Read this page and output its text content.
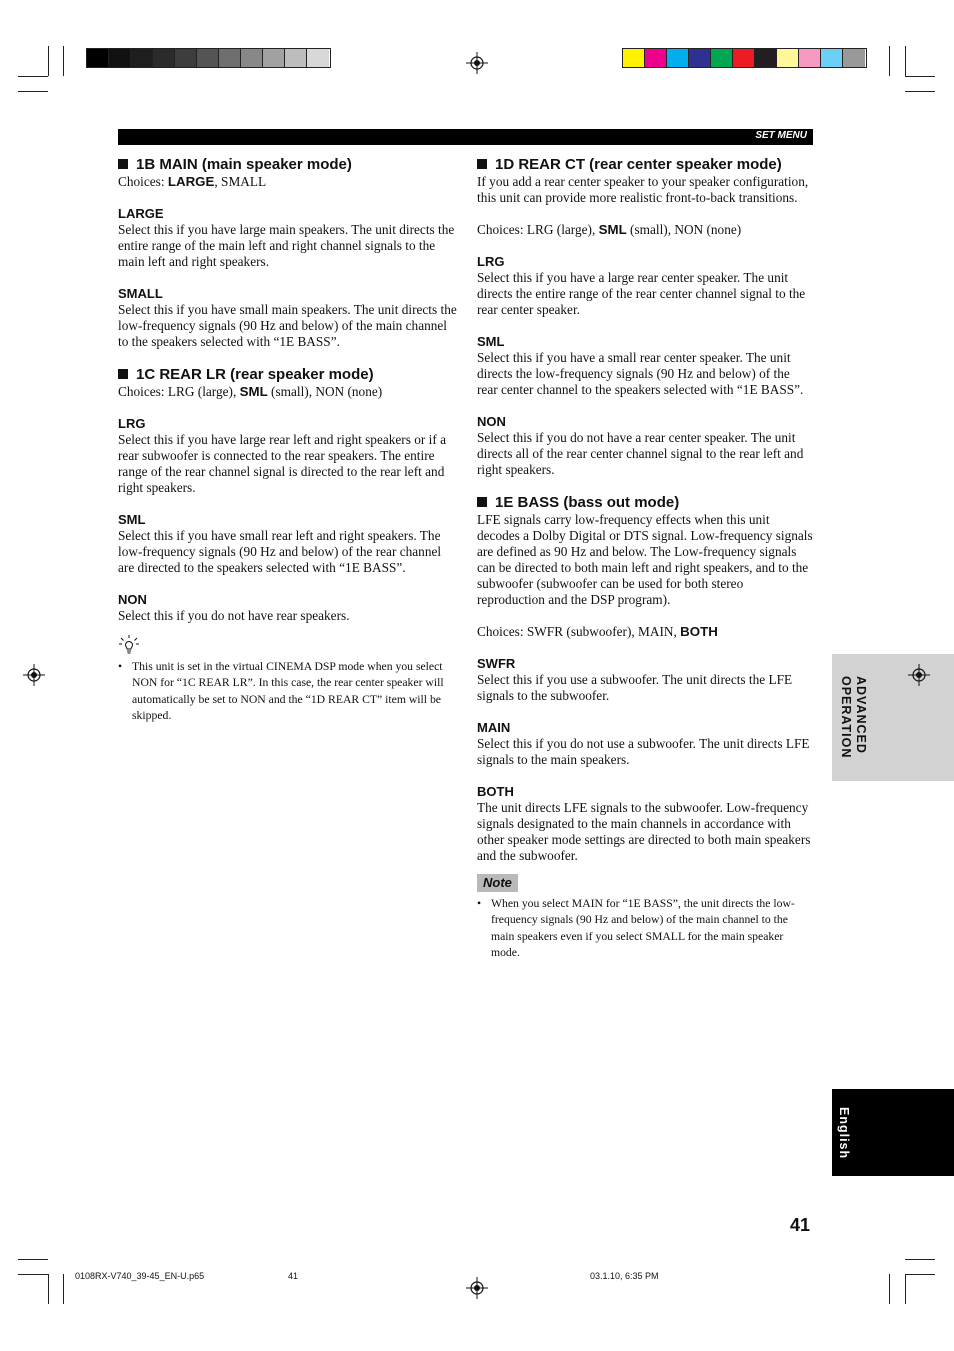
SET MENU
1B MAIN (main speaker mode)

Choices: LARGE, SMALL

LARGE

Select this if you have large main speakers. The unit directs the entire range of the main left and right channel signals to the main left and right speakers.

SMALL

Select this if you have small main speakers. The unit directs the low-frequency signals (90 Hz and below) of the main channel to the speakers selected with “1E BASS”.

1C REAR LR (rear speaker mode)

Choices: LRG (large), SML (small), NON (none)

LRG

Select this if you have large rear left and right speakers or if a rear subwoofer is connected to the rear speakers. The entire range of the rear channel signal is directed to the rear left and right speakers.

SML

Select this if you have small rear left and right speakers. The low-frequency signals (90 Hz and below) of the rear channel are directed to the speakers selected with “1E BASS”.

NON

Select this if you do not have rear speakers.

• This unit is set in the virtual CINEMA DSP mode when you select NON for “1C REAR LR”. In this case, the rear center speaker will automatically be set to NON and the “1D REAR CT” item will be skipped.
1D REAR CT (rear center speaker mode)

If you add a rear center speaker to your speaker configuration, this unit can provide more realistic front-to-back transitions.

Choices: LRG (large), SML (small), NON (none)

LRG

Select this if you have a large rear center speaker. The unit directs the entire range of the rear center channel signal to the rear center speaker.

SML

Select this if you have a small rear center speaker. The unit directs the low-frequency signals (90 Hz and below) of the rear center channel to the speakers selected with “1E BASS”.

NON

Select this if you do not have a rear center speaker. The unit directs all of the rear center channel signal to the rear left and right speakers.

1E BASS (bass out mode)

LFE signals carry low-frequency effects when this unit decodes a Dolby Digital or DTS signal. Low-frequency signals are defined as 90 Hz and below. The Low-frequency signals can be directed to both main left and right speakers, and to the subwoofer (subwoofer can be used for both stereo reproduction and the DSP program).

Choices: SWFR (subwoofer), MAIN, BOTH

SWFR

Select this if you use a subwoofer. The unit directs the LFE signals to the subwoofer.

MAIN

Select this if you do not use a subwoofer. The unit directs LFE signals to the main speakers.

BOTH

The unit directs LFE signals to the subwoofer. Low-frequency signals designated to the main channels in accordance with other speaker mode settings are directed to both main speakers and the subwoofer.

Note
• When you select MAIN for “1E BASS”, the unit directs the low-frequency signals (90 Hz and below) of the main channel to the main speakers even if you select SMALL for the main speaker mode.
ADVANCED OPERATION
English
41
0108RX-V740_39-45_EN-U.p65	41	03.1.10, 6:35 PM
